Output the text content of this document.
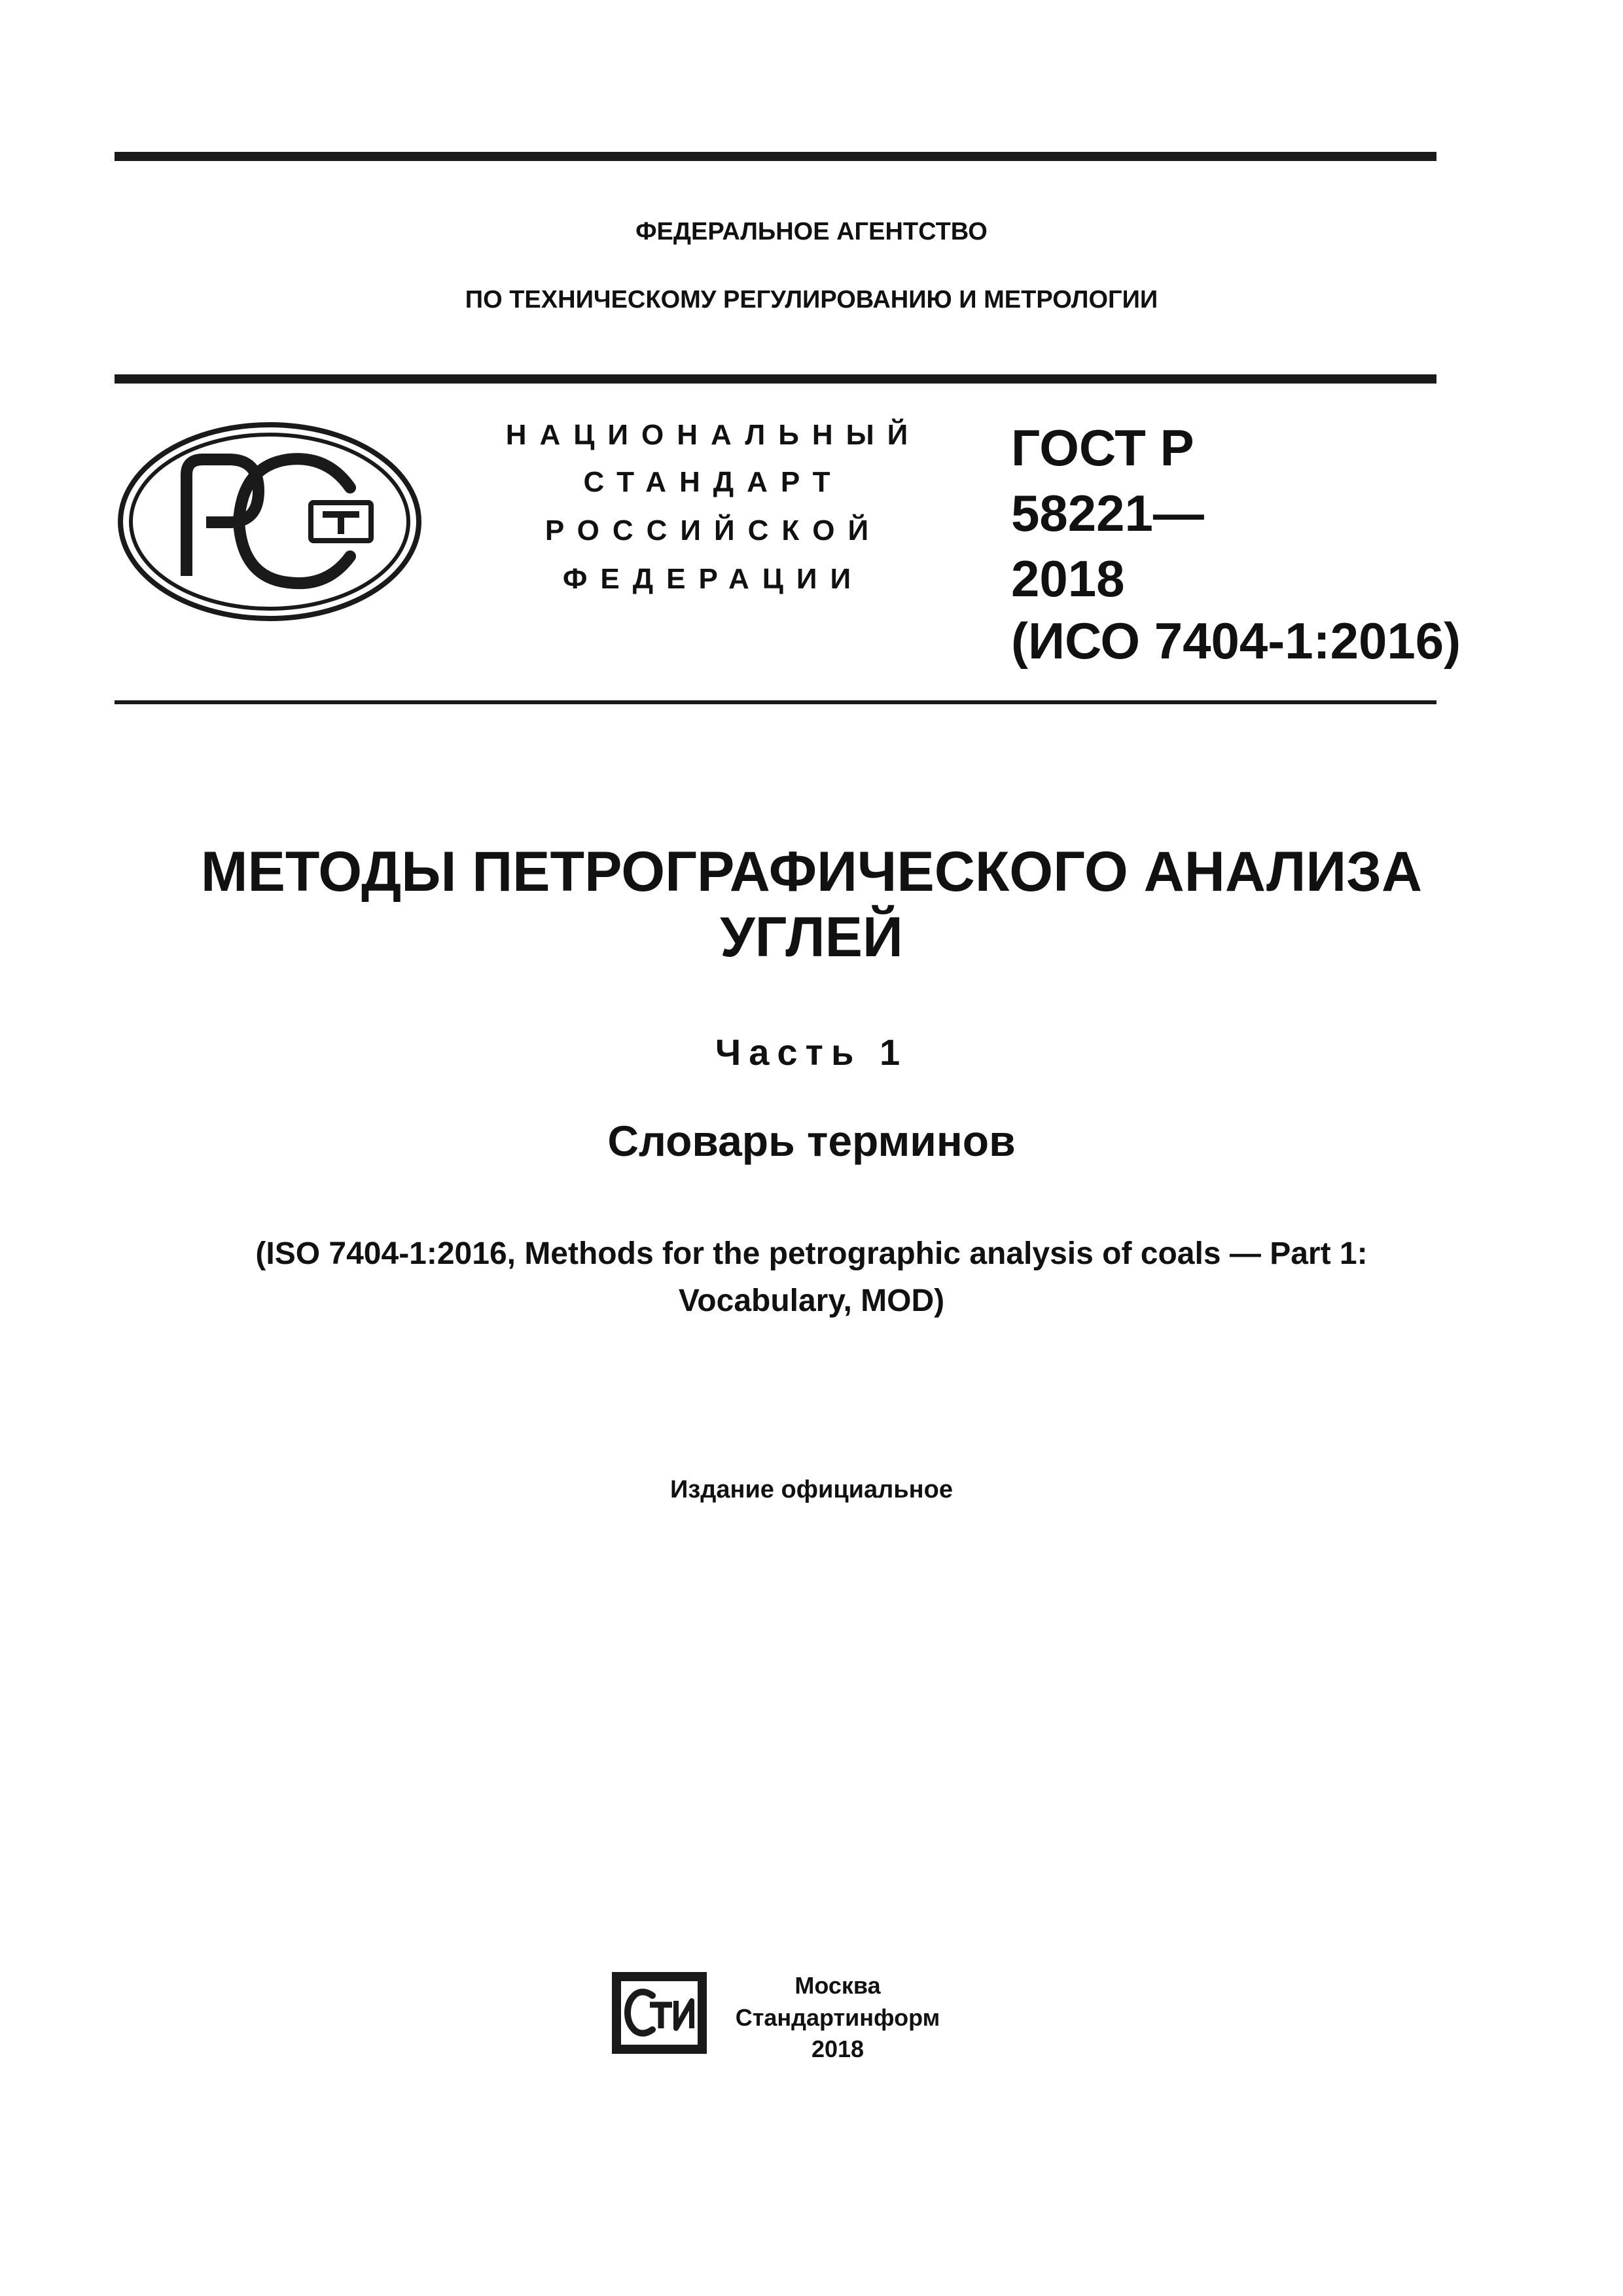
ФЕДЕРАЛЬНОЕ АГЕНТСТВО
ПО ТЕХНИЧЕСКОМУ РЕГУЛИРОВАНИЮ И МЕТРОЛОГИИ
НАЦИОНАЛЬНЫЙ
СТАНДАРТ
РОССИЙСКОЙ
ФЕДЕРАЦИИ
ГОСТ Р
58221—
2018
(ИСО 7404-1:2016)
МЕТОДЫ ПЕТРОГРАФИЧЕСКОГО АНАЛИЗА
УГЛЕЙ
Часть 1
Словарь терминов
(ISO 7404-1:2016, Methods for the petrographic analysis of coals — Part 1:
Vocabulary, MOD)
Издание официальное
Москва
Стандартинформ
2018
